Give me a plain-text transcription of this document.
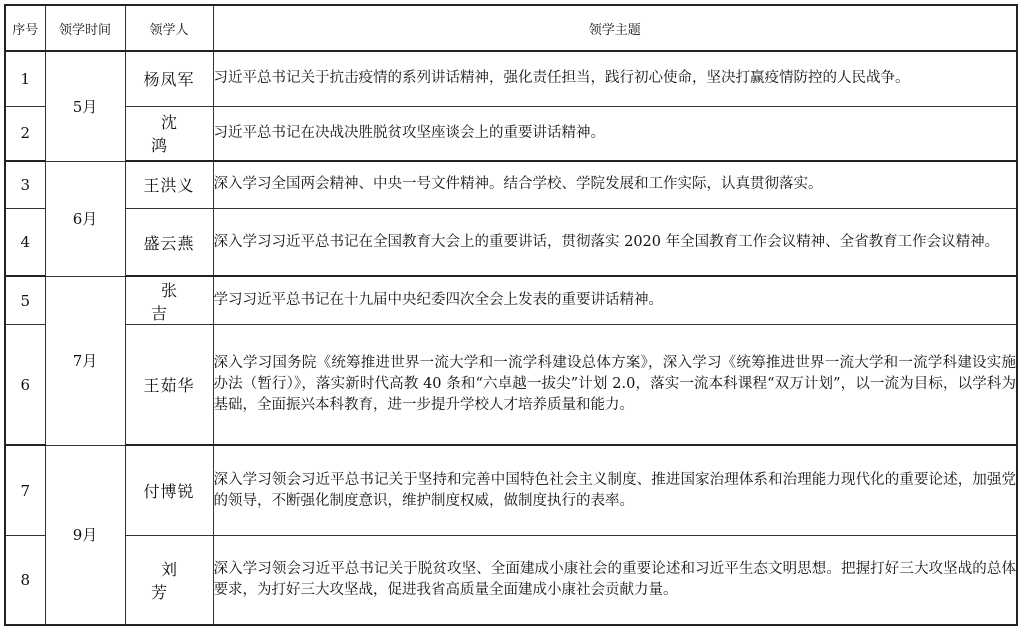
序号	领学时间	领学人	领学主题
1	5月	杨凤军	习近平总书记关于抗击疫情的系列讲话精神，强化责任担当，践行初心使命，坚决打赢疫情防控的人民战争。
2		沈鸿	习近平总书记在决战决胜脱贫攻坚座谈会上的重要讲话精神。
3	6月	王洪义	深入学习全国两会精神、中央一号文件精神。结合学校、学院发展和工作实际，认真贯彻落实。
4		盛云燕	深入学习习近平总书记在全国教育大会上的重要讲话，贯彻落实 2020 年全国教育工作会议精神、全省教育工作会议精神。
5	7月	张吉	学习习近平总书记在十九届中央纪委四次全会上发表的重要讲话精神。
6		王茹华	深入学习国务院《统筹推进世界一流大学和一流学科建设总体方案》，深入学习《统筹推进世界一流大学和一流学科建设实施办法（暂行）》，落实新时代高教 40 条和“六卓越一拔尖”计划 2.0，落实一流本科课程“双万计划”，以一流为目标，以学科为基础，全面振兴本科教育，进一步提升学校人才培养质量和能力。
7	9月	付博锐	深入学习领会习近平总书记关于坚持和完善中国特色社会主义制度、推进国家治理体系和治理能力现代化的重要论述，加强党的领导，不断强化制度意识，维护制度权威，做制度执行的表率。
8		刘芳	深入学习领会习近平总书记关于脱贫攻坚、全面建成小康社会的重要论述和习近平生态文明思想。把握打好三大攻坚战的总体要求，为打好三大攻坚战，促进我省高质量全面建成小康社会贡献力量。
